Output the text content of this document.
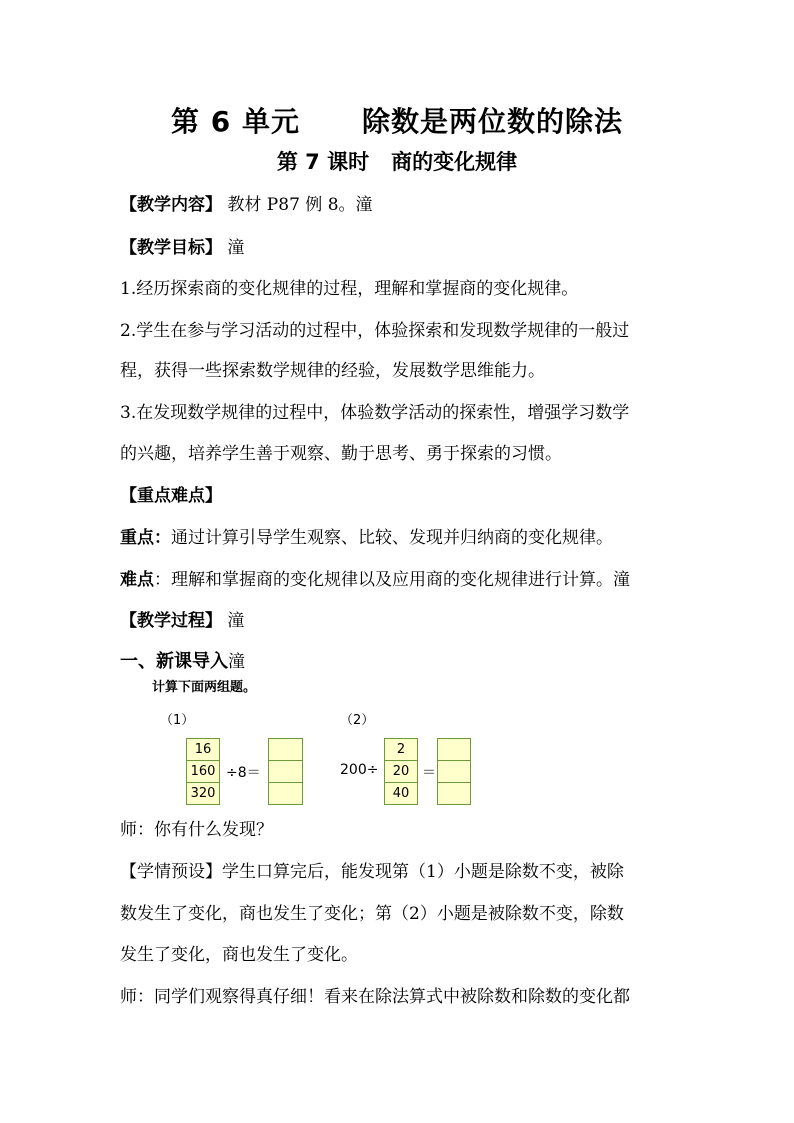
第 6 单元 除数是两位数的除法
第 7 课时 商的变化规律
【教学内容】 教材 P87 例 8。潼
【教学目标】 潼
1.经历探索商的变化规律的过程，理解和掌握商的变化规律。
2.学生在参与学习活动的过程中，体验探索和发现数学规律的一般过
程，获得一些探索数学规律的经验，发展数学思维能力。
3.在发现数学规律的过程中，体验数学活动的探索性，增强学习数学
的兴趣，培养学生善于观察、勤于思考、勇于探索的习惯。
【重点难点】
重点：通过计算引导学生观察、比较、发现并归纳商的变化规律。
难点：理解和掌握商的变化规律以及应用商的变化规律进行计算。潼
【教学过程】 潼
一、新课导入潼
计算下面两组题。
（1）
16
160
320
÷8＝
（2）
200÷
2
20
40
＝
师：你有什么发现？
【学情预设】学生口算完后，能发现第（1）小题是除数不变，被除
数发生了变化，商也发生了变化；第（2）小题是被除数不变，除数
发生了变化，商也发生了变化。
师：同学们观察得真仔细！看来在除法算式中被除数和除数的变化都
